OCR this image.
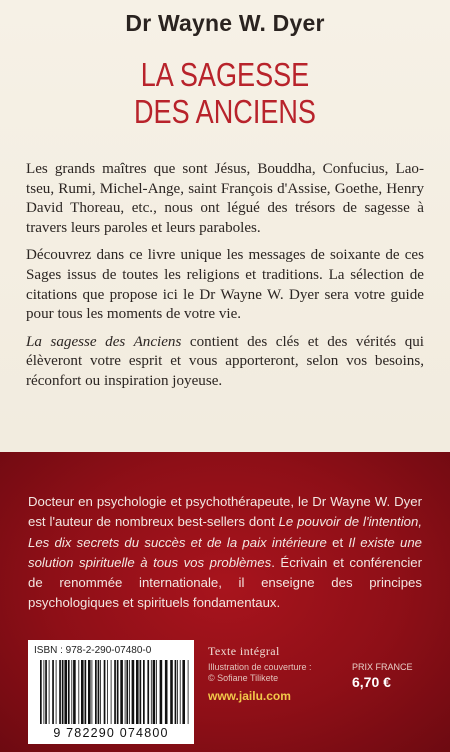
Dr Wayne W. Dyer
LA SAGESSE
DES ANCIENS

Les grands maîtres que sont Jésus, Bouddha, Confucius, Lao-tseu, Rumi, Michel-Ange, saint François d'Assise, Goethe, Henry David Thoreau, etc., nous ont légué des trésors de sagesse à travers leurs paroles et leurs paraboles.

Découvrez dans ce livre unique les messages de soixante de ces Sages issus de toutes les religions et traditions. La sélection de citations que propose ici le Dr Wayne W. Dyer sera votre guide pour tous les moments de votre vie.

La sagesse des Anciens contient des clés et des vérités qui élèveront votre esprit et vous apporteront, selon vos besoins, réconfort ou inspiration joyeuse.

Docteur en psychologie et psychothérapeute, le Dr Wayne W. Dyer est l'auteur de nombreux best-sellers dont Le pouvoir de l'intention, Les dix secrets du succès et de la paix intérieure et Il existe une solution spirituelle à tous vos problèmes. Écrivain et conférencier de renommée internationale, il enseigne des principes psychologiques et spirituels fondamentaux.
ISBN : 978-2-290-07480-0
9 782290 074800
Texte intégral
Illustration de couverture :
© Sofiane Tilikete
www.jailu.com
PRIX FRANCE
6,70 €
